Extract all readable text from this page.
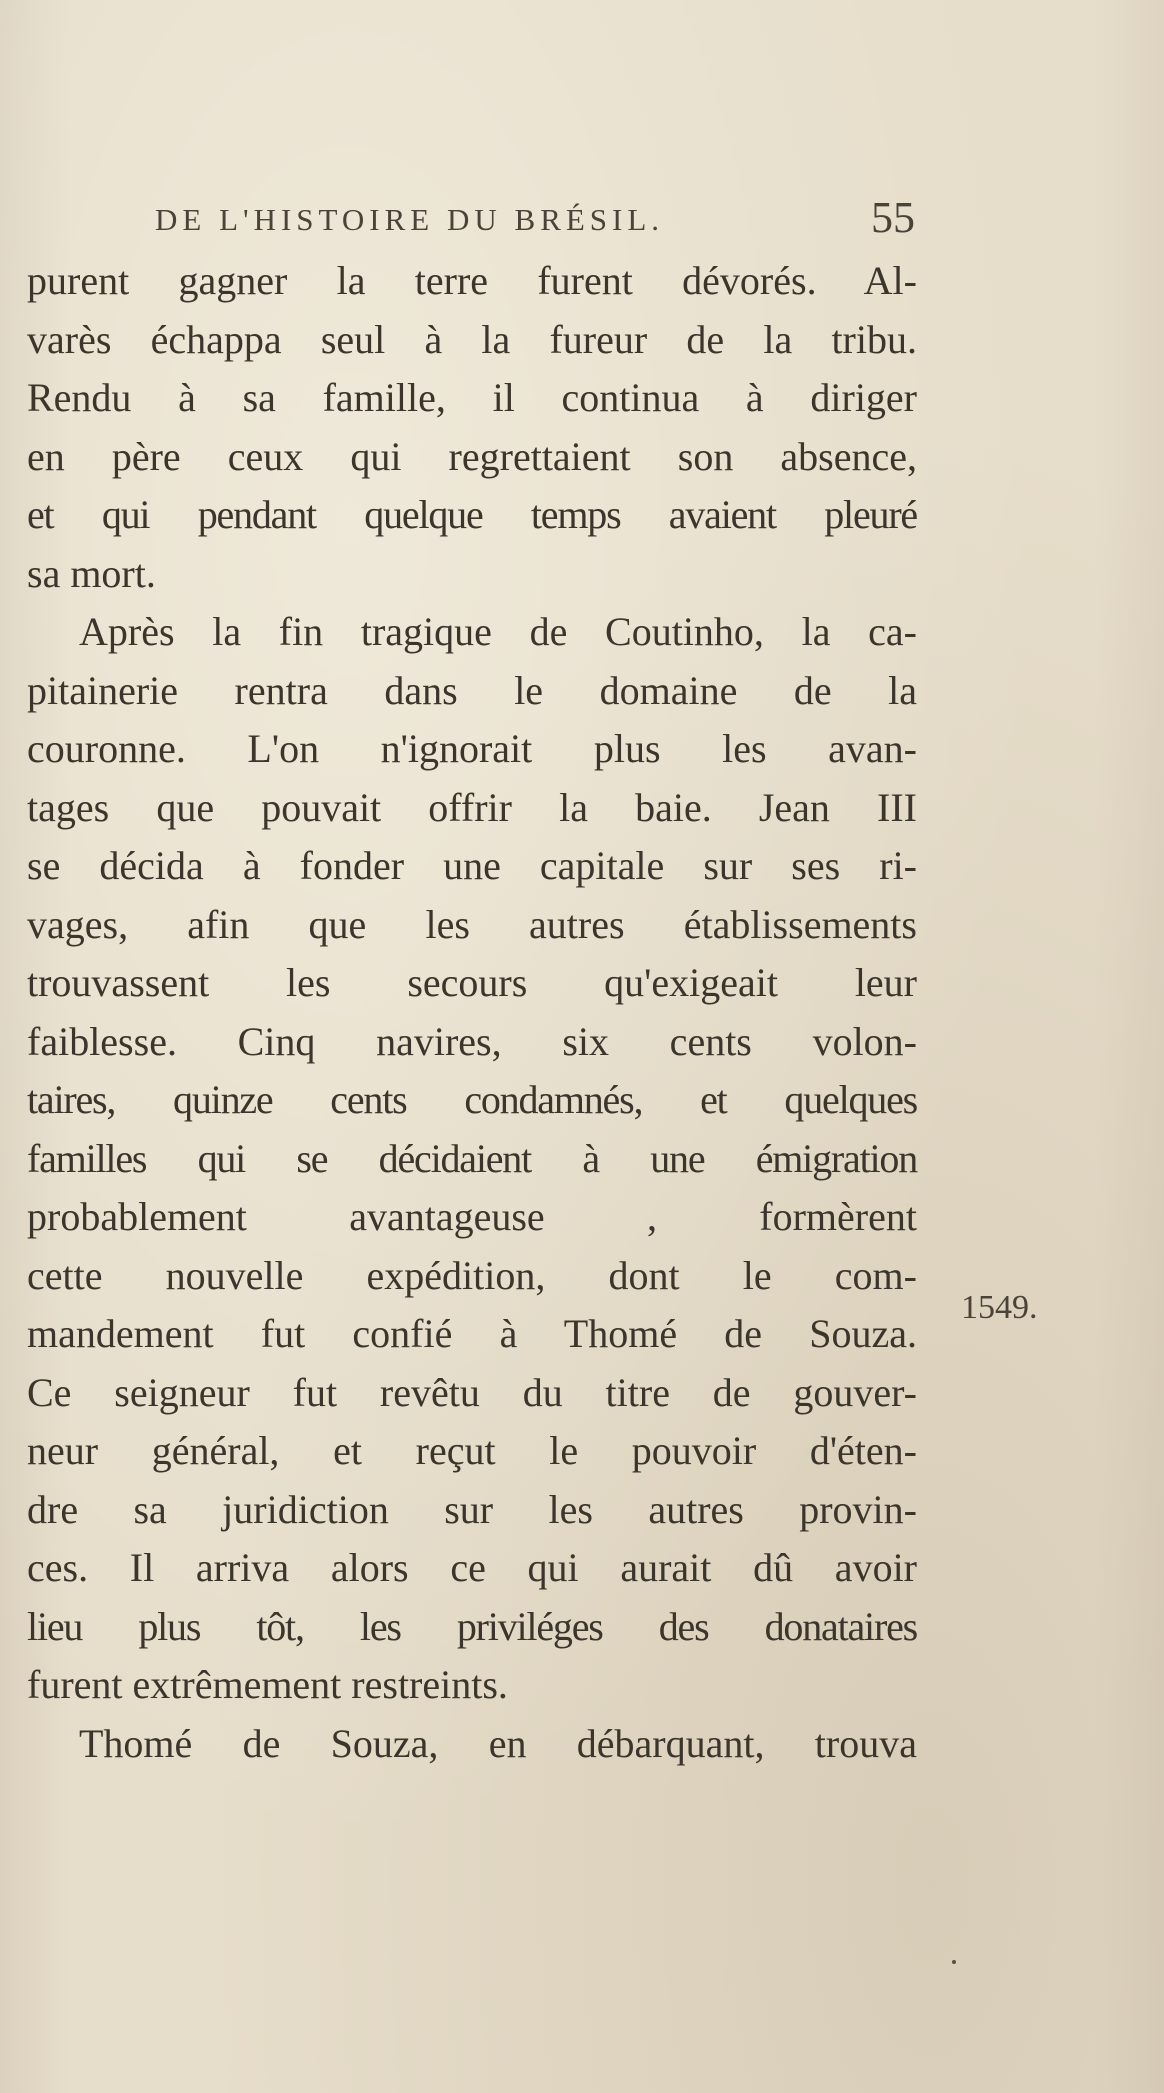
DE L'HISTOIRE DU BRÉSIL.	55
purent gagner la terre furent dévorés. Al-
varès échappa seul à la fureur de la tribu.
Rendu à sa famille, il continua à diriger
en père ceux qui regrettaient son absence,
et qui pendant quelque temps avaient pleuré
sa mort.
Après la fin tragique de Coutinho, la ca-
pitainerie rentra dans le domaine de la
couronne. L'on n'ignorait plus les avan-
tages que pouvait offrir la baie. Jean III
se décida à fonder une capitale sur ses ri-
vages, afin que les autres établissements
trouvassent les secours qu'exigeait leur
faiblesse. Cinq navires, six cents volon-
taires, quinze cents condamnés, et quelques
familles qui se décidaient à une émigration
probablement avantageuse , formèrent
cette nouvelle expédition, dont le com-
mandement fut confié à Thomé de Souza.
Ce seigneur fut revêtu du titre de gouver-
neur général, et reçut le pouvoir d'éten-
dre sa juridiction sur les autres provin-
ces. Il arriva alors ce qui aurait dû avoir
lieu plus tôt, les priviléges des donataires
furent extrêmement restreints.
Thomé de Souza, en débarquant, trouva
1549.
